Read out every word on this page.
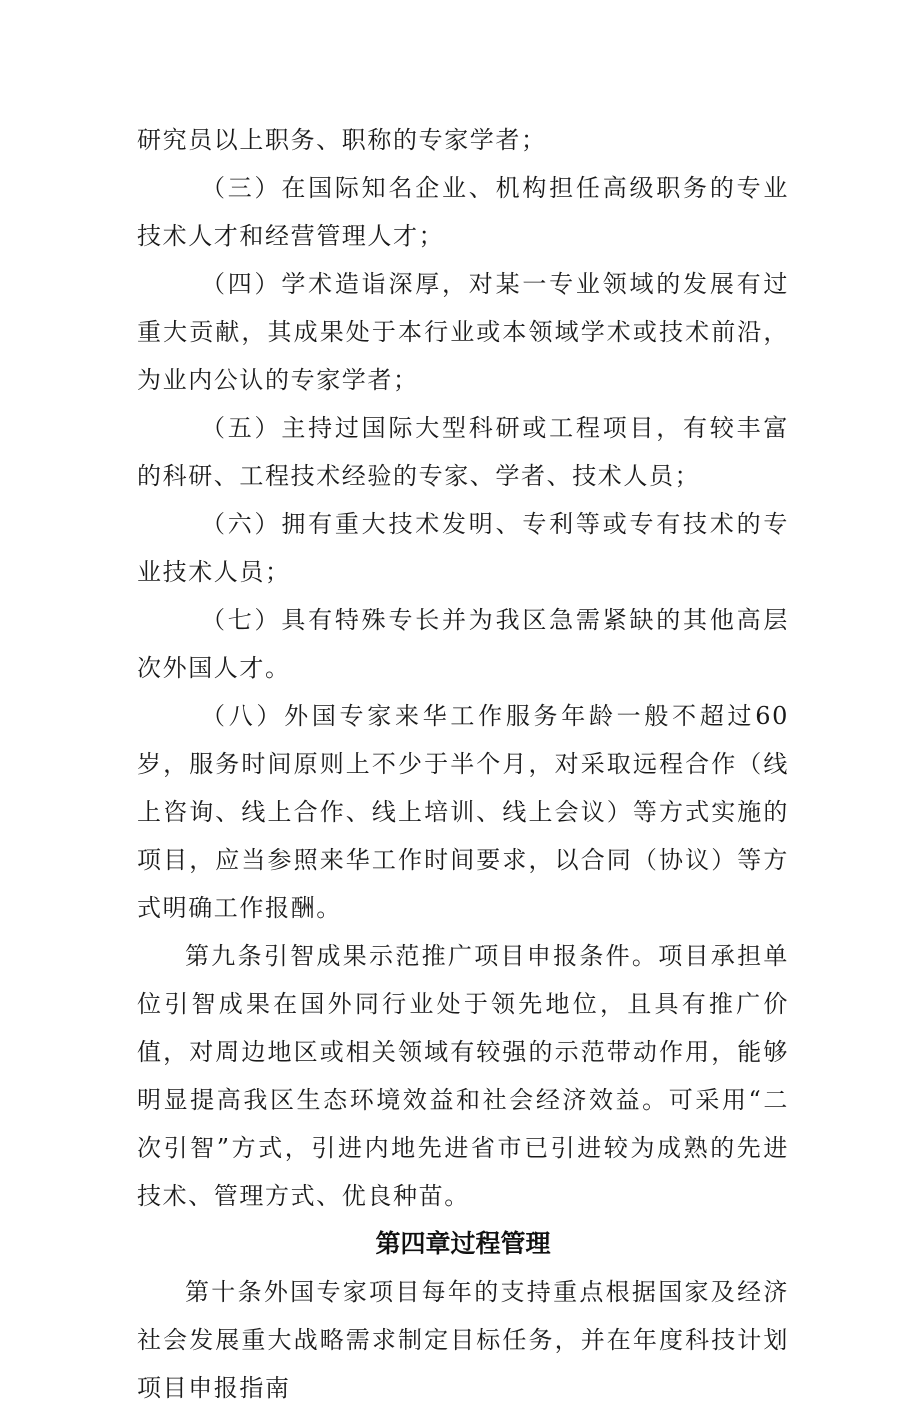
研究员以上职务、职称的专家学者；

（三）在国际知名企业、机构担任高级职务的专业技术人才和经营管理人才；

（四）学术造诣深厚，对某一专业领域的发展有过重大贡献，其成果处于本行业或本领域学术或技术前沿，为业内公认的专家学者；

（五）主持过国际大型科研或工程项目，有较丰富的科研、工程技术经验的专家、学者、技术人员；

（六）拥有重大技术发明、专利等或专有技术的专业技术人员；

（七）具有特殊专长并为我区急需紧缺的其他高层次外国人才。

（八）外国专家来华工作服务年龄一般不超过60岁，服务时间原则上不少于半个月，对采取远程合作（线上咨询、线上合作、线上培训、线上会议）等方式实施的项目，应当参照来华工作时间要求，以合同（协议）等方式明确工作报酬。

第九条引智成果示范推广项目申报条件。项目承担单位引智成果在国外同行业处于领先地位，且具有推广价值，对周边地区或相关领域有较强的示范带动作用，能够明显提高我区生态环境效益和社会经济效益。可采用“二次引智”方式，引进内地先进省市已引进较为成熟的先进技术、管理方式、优良种苗。

第四章过程管理

第十条外国专家项目每年的支持重点根据国家及经济社会发展重大战略需求制定目标任务，并在年度科技计划项目申报指南
